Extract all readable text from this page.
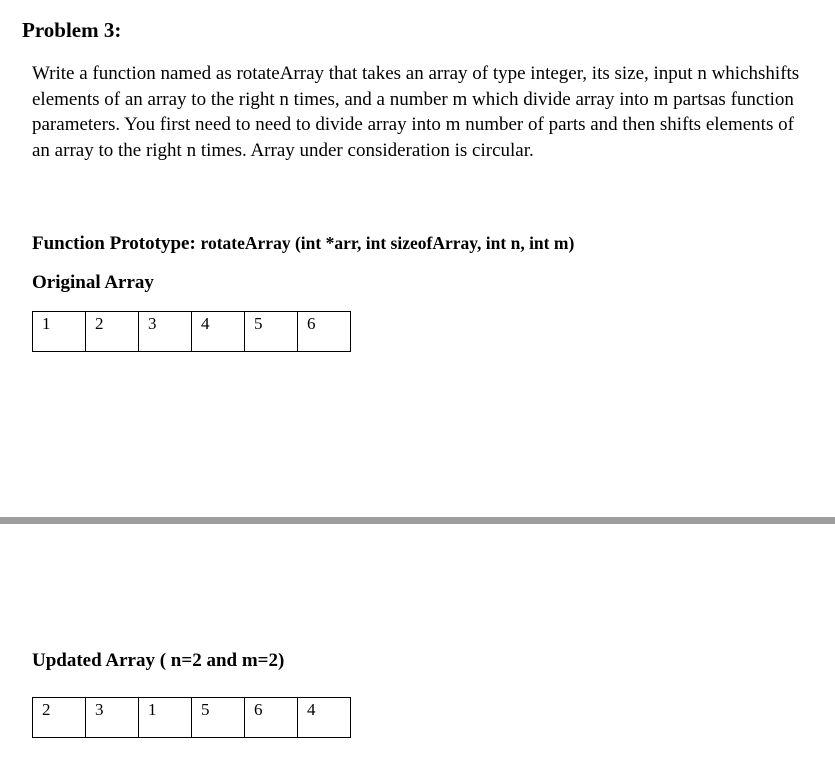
Problem 3:

Write a function named as rotateArray that takes an array of type integer, its size, input n whichshifts elements of an array to the right n times, and a number m which divide array into m partsas function parameters. You first need to need to divide array into m number of parts and then shifts elements of an array to the right n times. Array under consideration is circular.

Function Prototype: rotateArray (int *arr, int sizeofArray, int n, int m)

Original Array

1	2	3	4	5	6

Updated Array ( n=2 and m=2)

2	3	1	5	6	4
